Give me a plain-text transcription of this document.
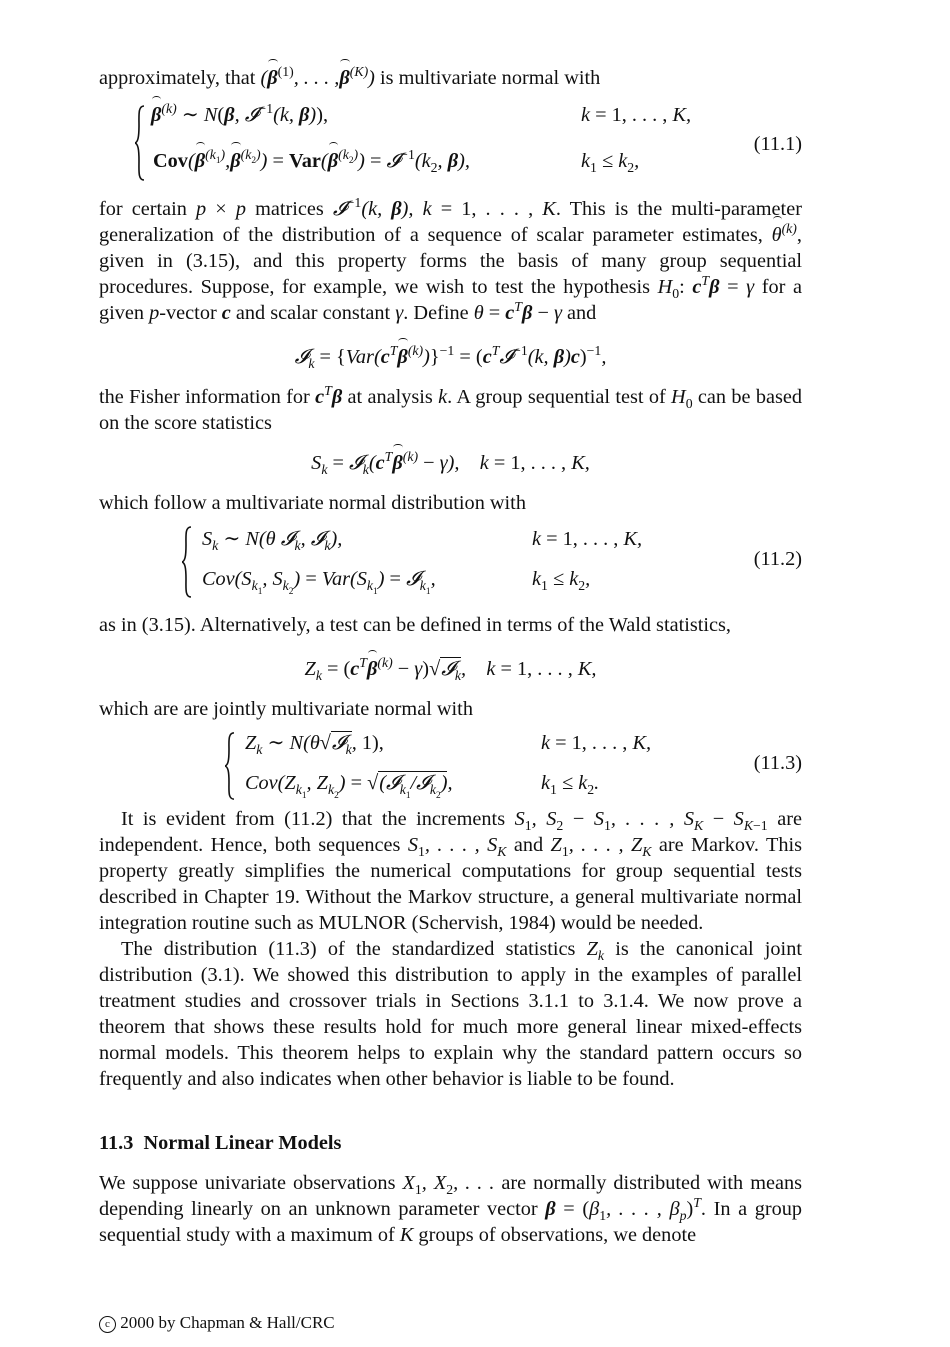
approximately, that ($\beta^{(1)}$, . . . $,\beta^{(K)}$) is multivariate normal with

$\beta^{(k)}$ ∼ N(β, 𝓘$^{-1}$(k, β)),	k = 1, . . . , K,
$Cov(\beta^{(k_1)},\beta^{(k_2)}) = Var(\beta^{(k_2)})$ = $𝓘^{-1}(k_2$, β),	$k_1 \le k_2$,
(11.1)

for certain p × p matrices 𝓘$^{-1}$(k, β), k = 1, . . . , K. This is the multi-parameter generalization of the distribution of a sequence of scalar parameter estimates, $\theta^{(k)}$, given in (3.15), and this property forms the basis of many group sequential procedures. Suppose, for example, we wish to test the hypothesis $H_0$: $c^T\beta = \gamma$ for a given p-vector c and scalar constant γ. Define $\theta = c^T\beta - \gamma$ and

𝓘$_k$ = $\{Var(c^T\beta^{(k)})\}^{-1}$ = ($c^T𝓘^{-1}(k$, β)c)$^{-1}$,

the Fisher information for $c^T\beta$ at analysis k. A group sequential test of $H_0$ can be based on the score statistics

$S_k$ = $𝓘_k(c^T\beta^{(k)} - \gamma)$,    k = 1, . . . , K,

which follow a multivariate normal distribution with

$S_k$ ∼ N(θ 𝓘$_k$, 𝓘$_k$),	k = 1, . . . , K,
$Cov(S_{k_1}$, $S_{k_2}) = Var(S_{k_1})$ = 𝓘$_{k_1}$,	$k_1 \le k_2$,
(11.2)

as in (3.15). Alternatively, a test can be defined in terms of the Wald statistics,

$Z_k = (c^T\beta^{(k)}$ − γ)√𝓘$_k$,    k = 1, . . . , K,

which are are jointly multivariate normal with

$Z_k$ ∼ N(θ√𝓘$_k$, 1),	k = 1, . . . , K,
$Cov(Z_{k_1}$, $Z_{k_2}$) = √(𝓘$_{k_1}$/𝓘$_{k_2}$),	$k_1 \le k_2$.
(11.3)

It is evident from (11.2) that the increments $S_1$, $S_2 - S_1$, . . . , $S_K - S_{K-1}$ are independent. Hence, both sequences $S_1$, . . . , $S_K$ and $Z_1$, . . . , $Z_K$ are Markov. This property greatly simplifies the numerical computations for group sequential tests described in Chapter 19. Without the Markov structure, a general multivariate normal integration routine such as MULNOR (Schervish, 1984) would be needed.

The distribution (11.3) of the standardized statistics $Z_k$ is the canonical joint distribution (3.1). We showed this distribution to apply in the examples of parallel treatment studies and crossover trials in Sections 3.1.1 to 3.1.4. We now prove a theorem that shows these results hold for much more general linear mixed-effects normal models. This theorem helps to explain why the standard pattern occurs so frequently and also indicates when other behavior is liable to be found.

11.3 Normal Linear Models

We suppose univariate observations $X_1$, $X_2$, . . . are normally distributed with means depending linearly on an unknown parameter vector $\beta = (\beta_1$, . . . , $\beta_p)^T$. In a group sequential study with a maximum of K groups of observations, we denote

c 2000 by Chapman & Hall/CRC
